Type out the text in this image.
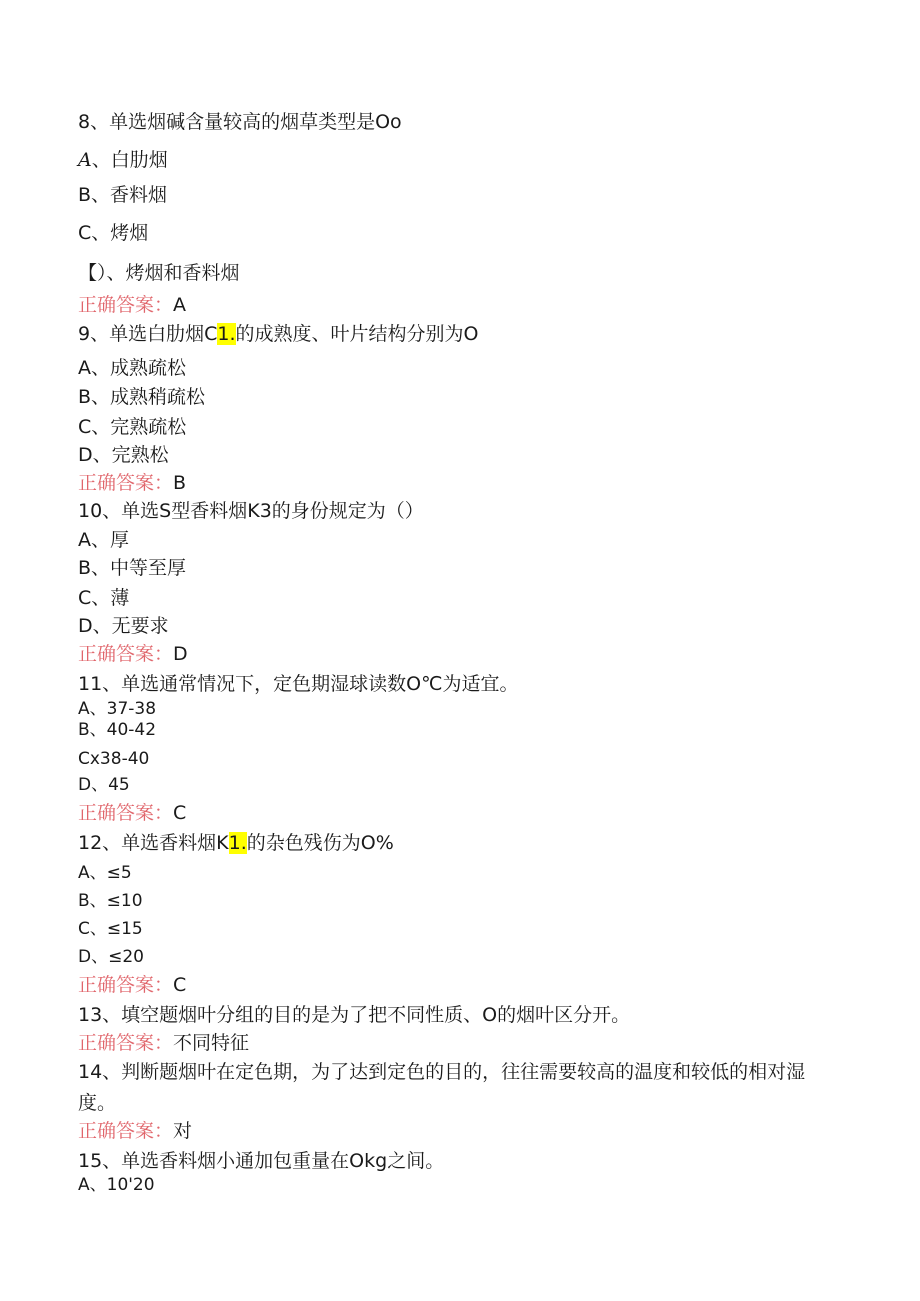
8、单选烟碱含量较高的烟草类型是Oo
A、白肋烟
B、香料烟
C、烤烟
【）、烤烟和香料烟
正确答案：A
9、单选白肋烟C1.的成熟度、叶片结构分别为O
A、成熟疏松
B、成熟稍疏松
C、完熟疏松
D、完熟松
正确答案：B
10、单选S型香料烟K3的身份规定为（）
A、厚
B、中等至厚
C、薄
D、无要求
正确答案：D
11、单选通常情况下，定色期湿球读数O℃为适宜。
A、37-38
B、40-42
Cx38-40
D、45
正确答案：C
12、单选香料烟K1.的杂色残伤为O%
A、≤5
B、≤10
C、≤15
D、≤20
正确答案：C
13、填空题烟叶分组的目的是为了把不同性质、O的烟叶区分开。
正确答案：不同特征
14、判断题烟叶在定色期，为了达到定色的目的，往往需要较高的温度和较低的相对湿度。
正确答案：对
15、单选香料烟小通加包重量在Okg之间。
A、10'20
